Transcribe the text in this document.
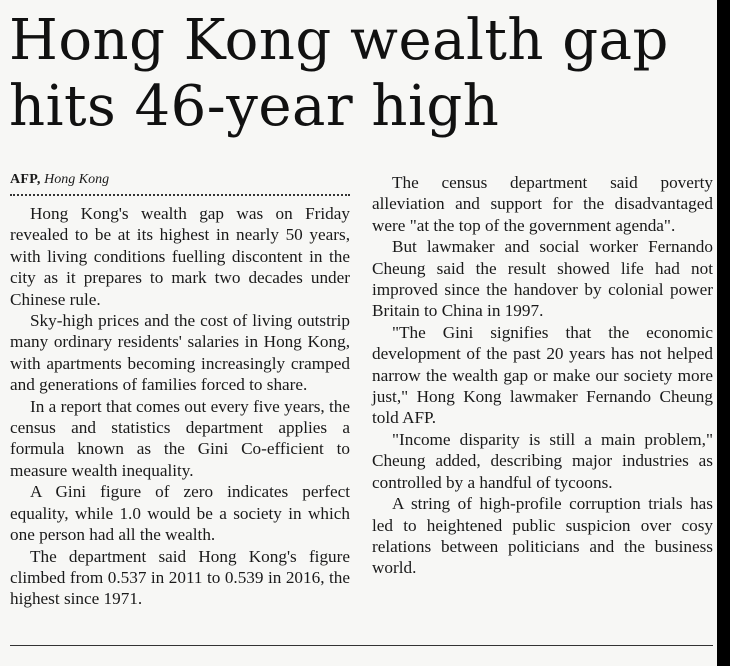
Hong Kong wealth gap hits 46-year high
AFP, Hong Kong

Hong Kong's wealth gap was on Friday revealed to be at its highest in nearly 50 years, with living conditions fuelling discontent in the city as it prepares to mark two decades under Chinese rule.

Sky-high prices and the cost of living outstrip many ordinary residents' salaries in Hong Kong, with apartments becoming increasingly cramped and generations of families forced to share.

In a report that comes out every five years, the census and statistics department applies a formula known as the Gini Co-efficient to measure wealth inequality.

A Gini figure of zero indicates perfect equality, while 1.0 would be a society in which one person had all the wealth.

The department said Hong Kong's figure climbed from 0.537 in 2011 to 0.539 in 2016, the highest since 1971.

The census department said poverty alleviation and support for the disadvantaged were "at the top of the government agenda".

But lawmaker and social worker Fernando Cheung said the result showed life had not improved since the handover by colonial power Britain to China in 1997.

"The Gini signifies that the economic development of the past 20 years has not helped narrow the wealth gap or make our society more just," Hong Kong lawmaker Fernando Cheung told AFP.

"Income disparity is still a main problem," Cheung added, describing major industries as controlled by a handful of tycoons.

A string of high-profile corruption trials has led to heightened public suspicion over cosy relations between politicians and the business world.
